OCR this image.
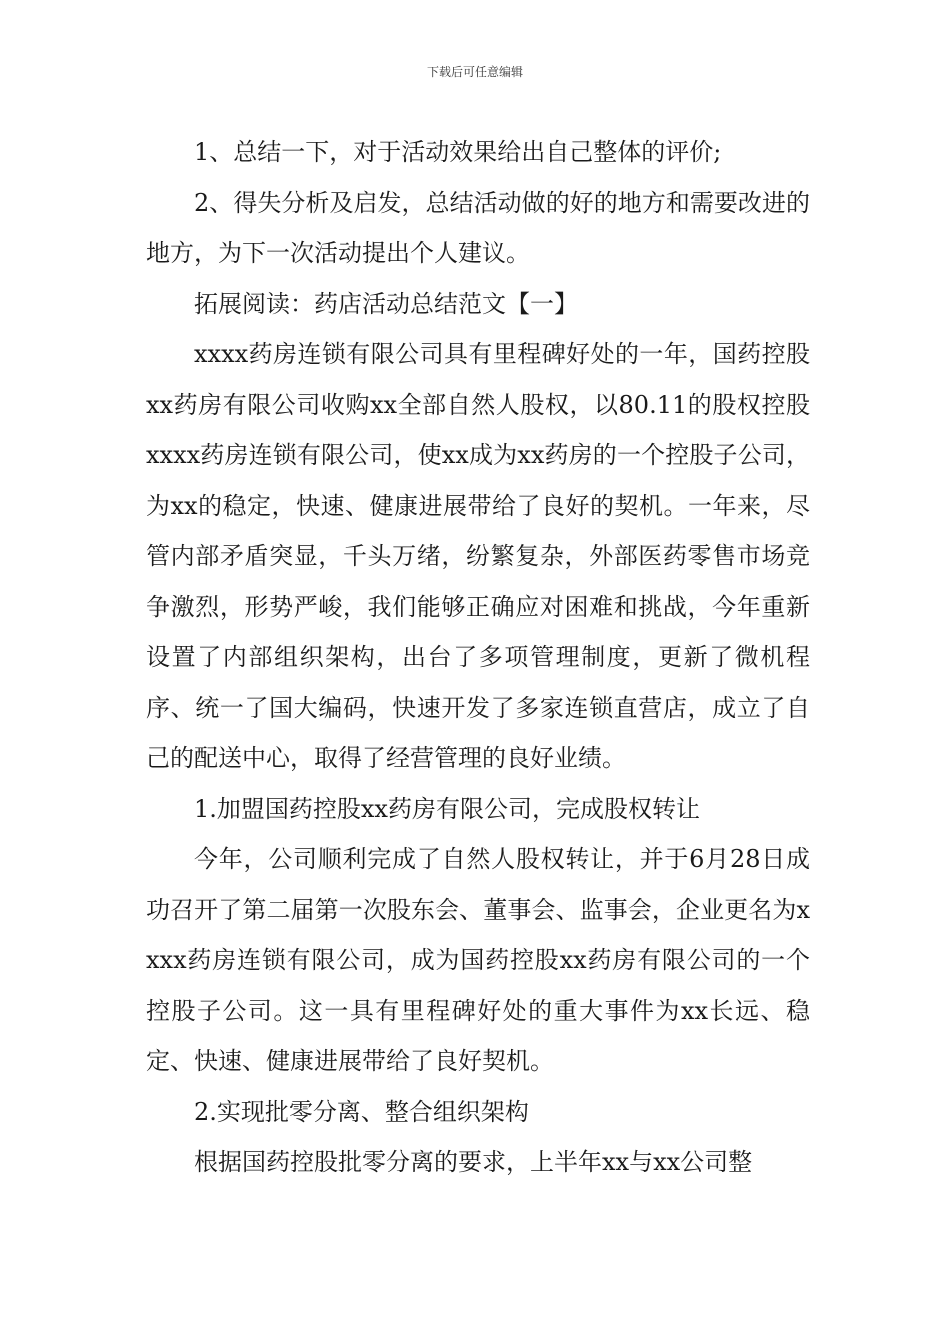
下载后可任意编辑

1、总结一下，对于活动效果给出自己整体的评价;

2、得失分析及启发，总结活动做的好的地方和需要改进的地方，为下一次活动提出个人建议。

拓展阅读：药店活动总结范文【一】

xxxx药房连锁有限公司具有里程碑好处的一年，国药控股xx药房有限公司收购xx全部自然人股权，以80.11的股权控股xxxx药房连锁有限公司，使xx成为xx药房的一个控股子公司，为xx的稳定，快速、健康进展带给了良好的契机。一年来，尽管内部矛盾突显，千头万绪，纷繁复杂，外部医药零售市场竞争激烈，形势严峻，我们能够正确应对困难和挑战，今年重新设置了内部组织架构，出台了多项管理制度，更新了微机程序、统一了国大编码，快速开发了多家连锁直营店，成立了自己的配送中心，取得了经营管理的良好业绩。

1.加盟国药控股xx药房有限公司，完成股权转让

今年，公司顺利完成了自然人股权转让，并于6月28日成功召开了第二届第一次股东会、董事会、监事会，企业更名为xxxx药房连锁有限公司，成为国药控股xx药房有限公司的一个控股子公司。这一具有里程碑好处的重大事件为xx长远、稳定、快速、健康进展带给了良好契机。

2.实现批零分离、整合组织架构

根据国药控股批零分离的要求，上半年xx与xx公司整
